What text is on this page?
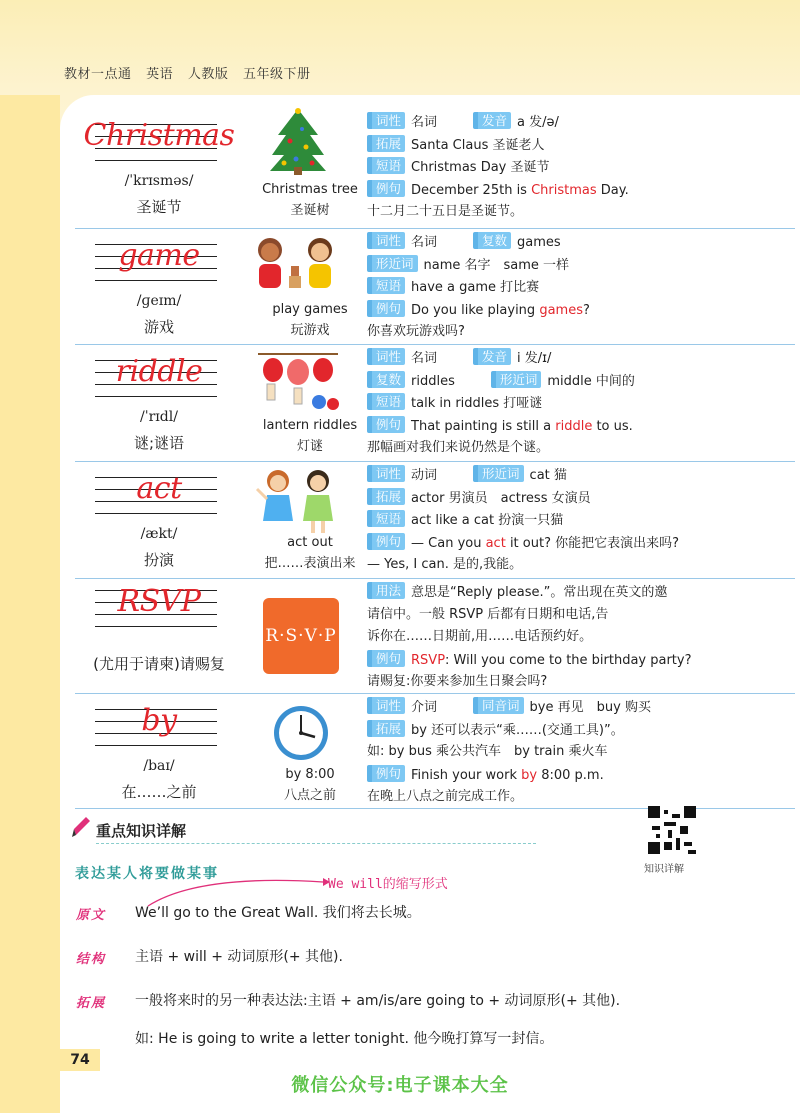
教材一点通 英语 人教版 五年级下册
Christmas
/ˈkrɪsməs/
圣诞节
Christmas tree
圣诞树
词性 名词	发音 a 发/ə/
拓展 Santa Claus 圣诞老人
短语 Christmas Day 圣诞节
例句 December 25th is Christmas Day.
十二月二十五日是圣诞节。
game
/ɡeɪm/
游戏
play games
玩游戏
词性 名词	复数 games
形近词 name 名字　same 一样
短语 have a game 打比赛
例句 Do you like playing games?
你喜欢玩游戏吗?
riddle
/ˈrɪdl/
谜;谜语
lantern riddles
灯谜
词性 名词	发音 i 发/ɪ/
复数 riddles	形近词 middle 中间的
短语 talk in riddles 打哑谜
例句 That painting is still a riddle to us.
那幅画对我们来说仍然是个谜。
act
/ækt/
扮演
act out
把……表演出来
词性 动词	形近词 cat 猫
拓展 actor 男演员　actress 女演员
短语 act like a cat 扮演一只猫
例句 — Can you act it out? 你能把它表演出来吗?
— Yes, I can. 是的,我能。
RSVP
(尤用于请柬)请赐复
用法 意思是“Reply please.”。常出现在英文的邀
请信中。一般 RSVP 后都有日期和电话,告
诉你在……日期前,用……电话预约好。
例句 RSVP: Will you come to the birthday party?
请赐复:你要来参加生日聚会吗?
by
/baɪ/
在……之前
by 8:00
八点之前
词性 介词	同音词 bye 再见　buy 购买
拓展 by 还可以表示“乘……(交通工具)”。
如: by bus 乘公共汽车　by train 乘火车
例句 Finish your work by 8:00 p.m.
在晚上八点之前完成工作。
R·S·V·P
重点知识详解
知识详解
表达某人将要做某事
We will的缩写形式
原文 We’ll go to the Great Wall. 我们将去长城。
结构 主语 + will + 动词原形(+ 其他).
拓展 一般将来时的另一种表达法:主语 + am/is/are going to + 动词原形(+ 其他).
如: He is going to write a letter tonight. 他今晚打算写一封信。
74
微信公众号:电子课本大全
